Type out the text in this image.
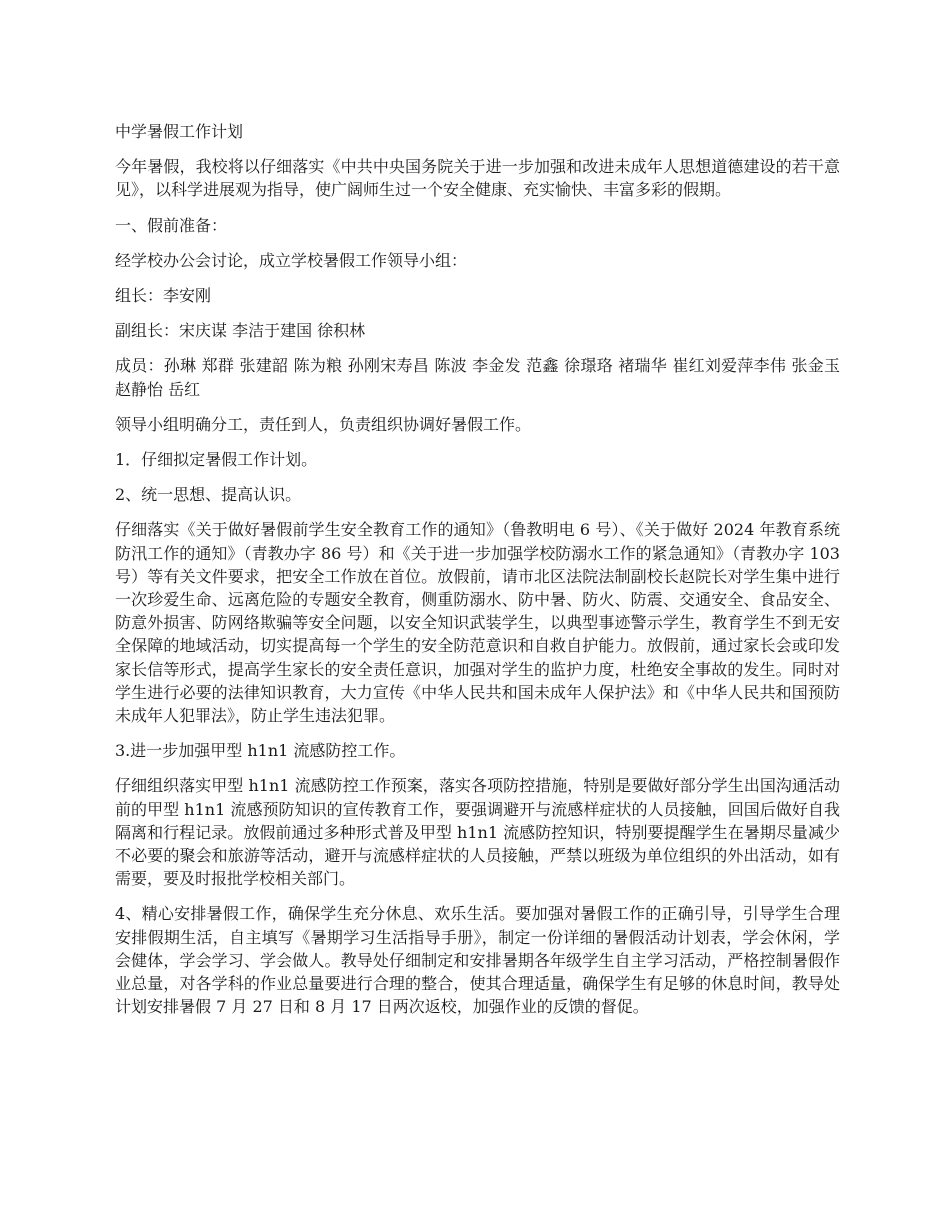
中学暑假工作计划

今年暑假，我校将以仔细落实《中共中央国务院关于进一步加强和改进未成年人思想道德建设的若干意见》，以科学进展观为指导，使广阔师生过一个安全健康、充实愉快、丰富多彩的假期。

一、假前准备：

经学校办公会讨论，成立学校暑假工作领导小组：

组长：李安刚

副组长：宋庆谋 李洁于建国 徐积林

成员：孙琳 郑群 张建韶 陈为粮 孙刚宋寿昌 陈波 李金发 范鑫 徐璟珞 褚瑞华 崔红刘爱萍李伟 张金玉赵静怡 岳红

领导小组明确分工，责任到人，负责组织协调好暑假工作。

1．仔细拟定暑假工作计划。

2、统一思想、提高认识。

仔细落实《关于做好暑假前学生安全教育工作的通知》（鲁教明电 6 号）、《关于做好 2024 年教育系统防汛工作的通知》（青教办字 86 号）和《关于进一步加强学校防溺水工作的紧急通知》（青教办字 103 号）等有关文件要求，把安全工作放在首位。放假前，请市北区法院法制副校长赵院长对学生集中进行一次珍爱生命、远离危险的专题安全教育，侧重防溺水、防中暑、防火、防震、交通安全、食品安全、防意外损害、防网络欺骗等安全问题，以安全知识武装学生，以典型事迹警示学生，教育学生不到无安全保障的地域活动，切实提高每一个学生的安全防范意识和自救自护能力。放假前，通过家长会或印发家长信等形式，提高学生家长的安全责任意识，加强对学生的监护力度，杜绝安全事故的发生。同时对学生进行必要的法律知识教育，大力宣传《中华人民共和国未成年人保护法》和《中华人民共和国预防未成年人犯罪法》，防止学生违法犯罪。

3.进一步加强甲型 h1n1 流感防控工作。

仔细组织落实甲型 h1n1 流感防控工作预案，落实各项防控措施，特别是要做好部分学生出国沟通活动前的甲型 h1n1 流感预防知识的宣传教育工作，要强调避开与流感样症状的人员接触，回国后做好自我隔离和行程记录。放假前通过多种形式普及甲型 h1n1 流感防控知识，特别要提醒学生在暑期尽量减少不必要的聚会和旅游等活动，避开与流感样症状的人员接触，严禁以班级为单位组织的外出活动，如有需要，要及时报批学校相关部门。

4、精心安排暑假工作，确保学生充分休息、欢乐生活。要加强对暑假工作的正确引导，引导学生合理安排假期生活，自主填写《暑期学习生活指导手册》，制定一份详细的暑假活动计划表，学会休闲，学会健体，学会学习、学会做人。教导处仔细制定和安排暑期各年级学生自主学习活动，严格控制暑假作业总量，对各学科的作业总量要进行合理的整合，使其合理适量，确保学生有足够的休息时间，教导处计划安排暑假 7 月 27 日和 8 月 17 日两次返校，加强作业的反馈的督促。
